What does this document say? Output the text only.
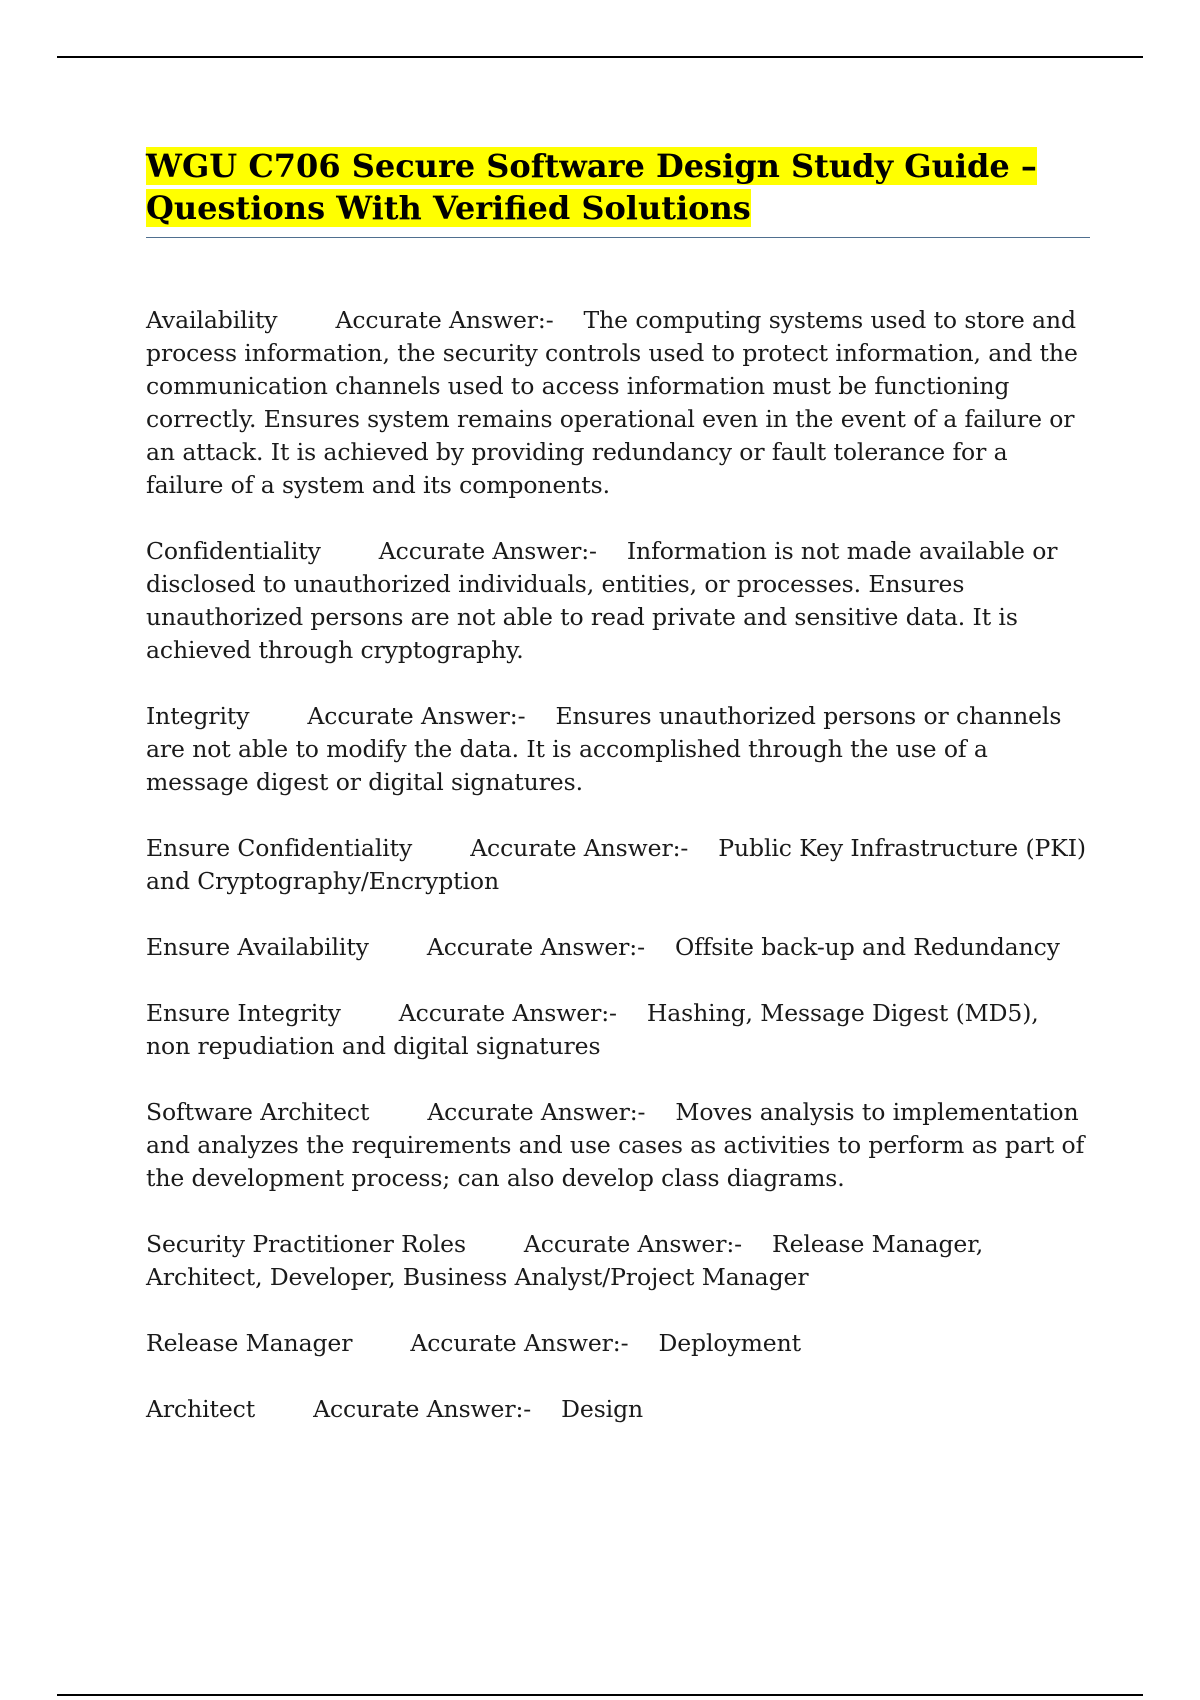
WGU C706 Secure Software Design Study Guide – Questions With Verified Solutions

Availability Accurate Answer:- The computing systems used to store and process information, the security controls used to protect information, and the communication channels used to access information must be functioning correctly. Ensures system remains operational even in the event of a failure or an attack. It is achieved by providing redundancy or fault tolerance for a failure of a system and its components.

Confidentiality Accurate Answer:- Information is not made available or disclosed to unauthorized individuals, entities, or processes. Ensures unauthorized persons are not able to read private and sensitive data. It is achieved through cryptography.

Integrity Accurate Answer:- Ensures unauthorized persons or channels are not able to modify the data. It is accomplished through the use of a message digest or digital signatures.

Ensure Confidentiality Accurate Answer:- Public Key Infrastructure (PKI) and Cryptography/Encryption

Ensure Availability Accurate Answer:- Offsite back-up and Redundancy

Ensure Integrity Accurate Answer:- Hashing, Message Digest (MD5), non repudiation and digital signatures

Software Architect Accurate Answer:- Moves analysis to implementation and analyzes the requirements and use cases as activities to perform as part of the development process; can also develop class diagrams.

Security Practitioner Roles Accurate Answer:- Release Manager, Architect, Developer, Business Analyst/Project Manager

Release Manager Accurate Answer:- Deployment

Architect Accurate Answer:- Design
